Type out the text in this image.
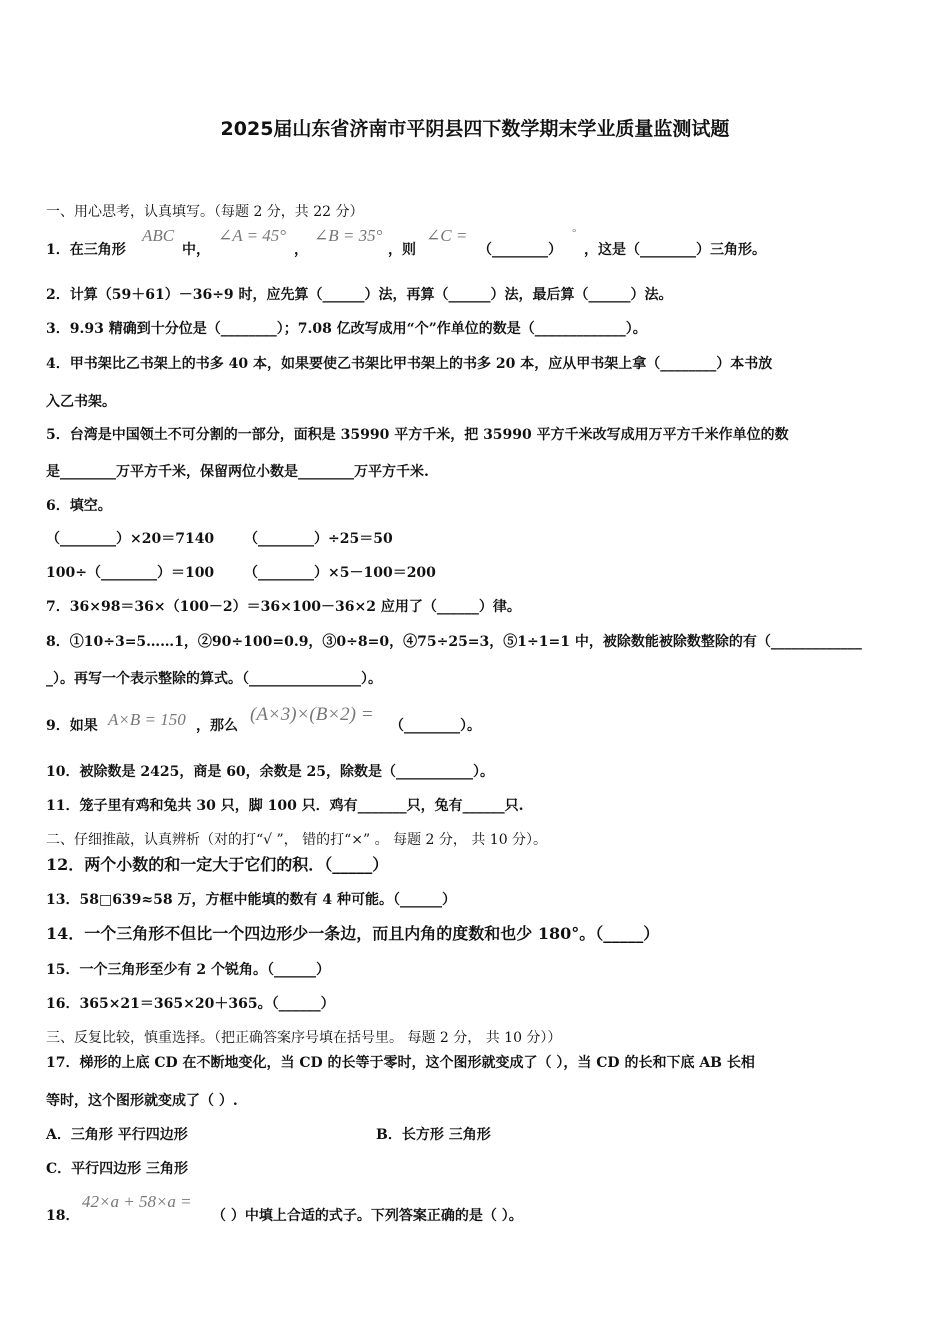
2025届山东省济南市平阴县四下数学期末学业质量监测试题
一、用心思考，认真填写。（每题 2 分，共 22 分）
1．在三角形
ABC
中，
∠A = 45°
，
∠B = 35°
，则
∠C =
（________）
°
，这是（________）三角形。
2．计算（59＋61）－36÷9 时，应先算（______）法，再算（______）法，最后算（______）法。
3．9.93 精确到十分位是（________）；7.08 亿改写成用“个”作单位的数是（_____________）。
4．甲书架比乙书架上的书多 40 本，如果要使乙书架比甲书架上的书多 20 本，应从甲书架上拿（________）本书放
入乙书架。
5．台湾是中国领土不可分割的一部分，面积是 35990 平方千米，把 35990 平方千米改写成用万平方千米作单位的数
是________万平方千米，保留两位小数是________万平方千米.
6．填空。
（________）×20＝7140 （________）÷25＝50
100÷（________）＝100 （________）×5－100＝200
7．36×98＝36×（100－2）＝36×100－36×2 应用了（______）律。
8．①10÷3=5……1，②90÷100=0.9，③0÷8=0，④75÷25=3，⑤1÷1=1 中，被除数能被除数整除的有（_____________
_）。再写一个表示整除的算式。（________________）。
9．如果 A×B = 150 ，那么
(A×3)×(B×2) =
（________）。
10．被除数是 2425，商是 60，余数是 25，除数是（___________）。
11．笼子里有鸡和兔共 30 只，脚 100 只．鸡有_______只，兔有______只.
二、仔细推敲，认真辨析（对的打“√ ”， 错的打“×” 。 每题 2 分， 共 10 分）。
12．两个小数的和一定大于它们的积．（_____）
13．58□639≈58 万，方框中能填的数有 4 种可能。（______）
14．一个三角形不但比一个四边形少一条边，而且内角的度数和也少 180°。（_____）
15．一个三角形至少有 2 个锐角。（______）
16．365×21＝365×20＋365。（______）
三、反复比较，慎重选择。（把正确答案序号填在括号里。 每题 2 分， 共 10 分））
17．梯形的上底 CD 在不断地变化，当 CD 的长等于零时，这个图形就变成了（ ），当 CD 的长和下底 AB 长相
等时，这个图形就变成了（ ）.
A．三角形 平行四边形	B．长方形 三角形
C．平行四边形 三角形
18．
42×a + 58×a =
（ ）中填上合适的式子。下列答案正确的是（ ）。
